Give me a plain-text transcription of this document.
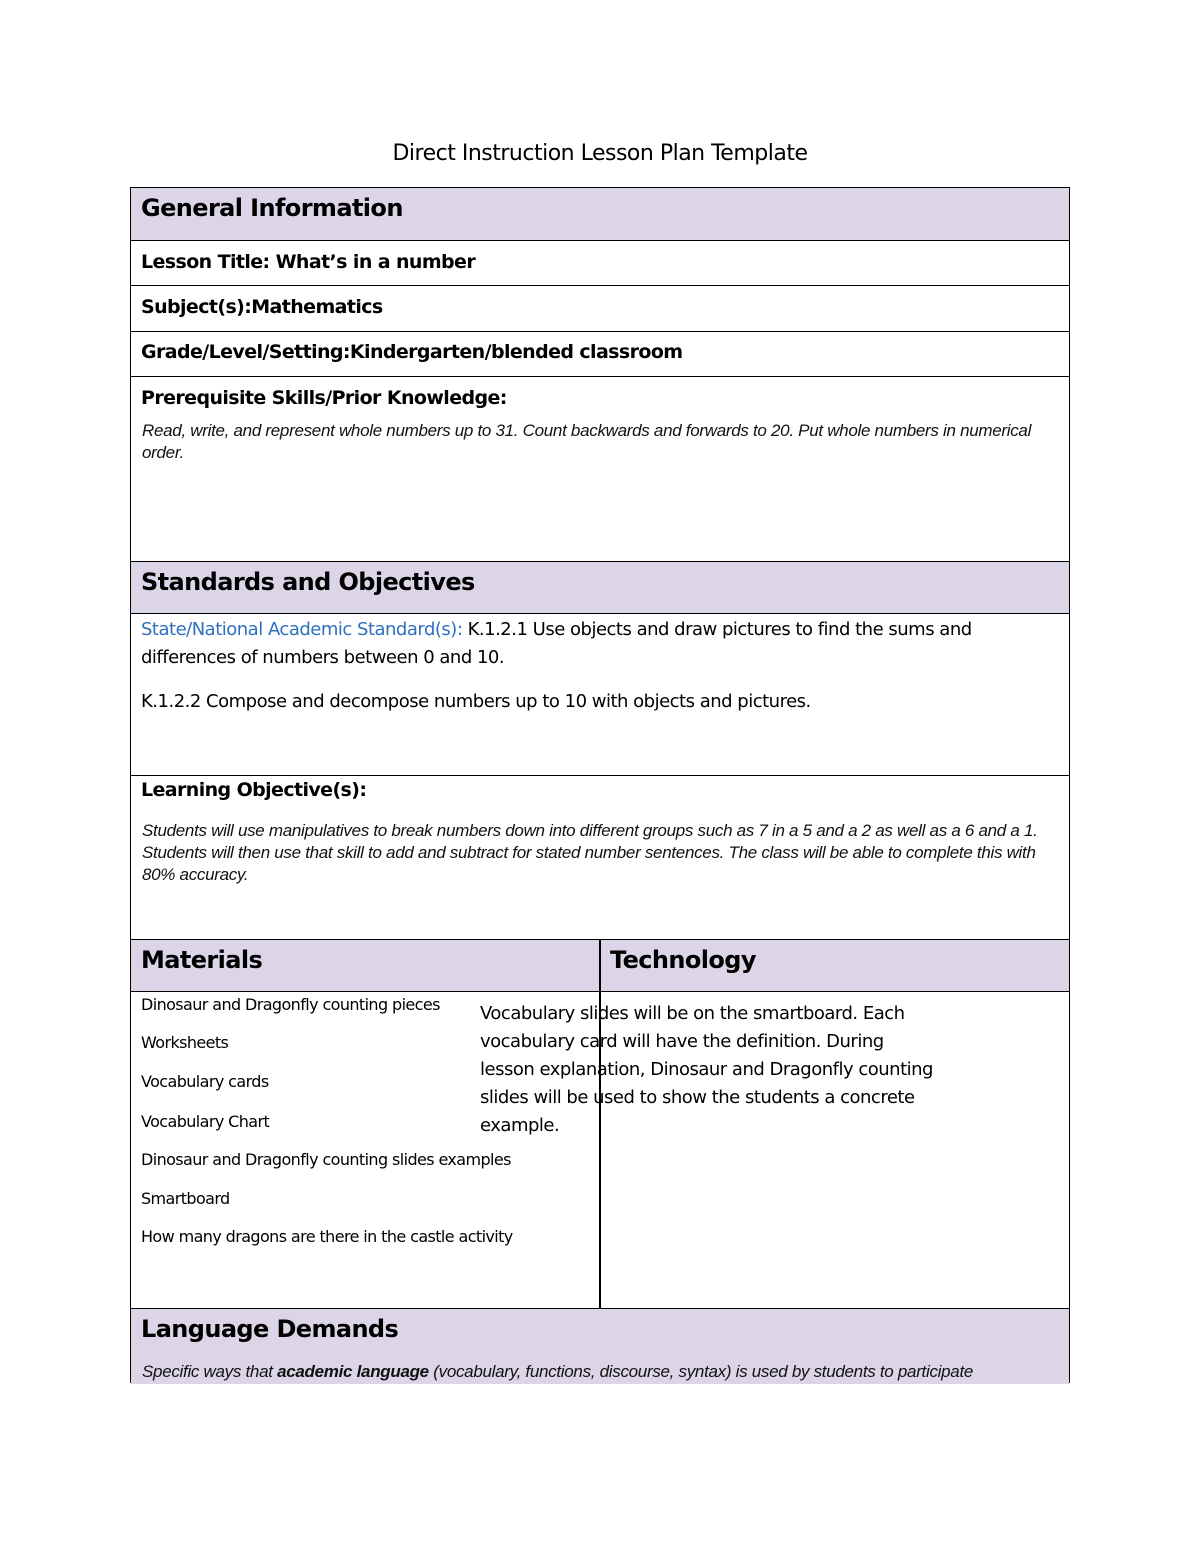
Direct Instruction Lesson Plan Template
General Information
Lesson Title: What’s in a number
Subject(s):Mathematics
Grade/Level/Setting:Kindergarten/blended classroom
Prerequisite Skills/Prior Knowledge:
Read, write, and represent whole numbers up to 31. Count backwards and forwards to 20. Put whole numbers in numerical order.
Standards and Objectives
State/National Academic Standard(s): K.1.2.1 Use objects and draw pictures to find the sums and differences of numbers between 0 and 10.
K.1.2.2 Compose and decompose numbers up to 10 with objects and pictures.
Learning Objective(s):
Students will use manipulatives to break numbers down into different groups such as 7 in a 5 and a 2 as well as a 6 and a 1. Students will then use that skill to add and subtract for stated number sentences. The class will be able to complete this with 80% accuracy.
Materials	Technology
Dinosaur and Dragonfly counting pieces
Worksheets
Vocabulary cards
Vocabulary Chart
Dinosaur and Dragonfly counting slides examples
Smartboard
How many dragons are there in the castle activity
Language Demands
Specific ways that academic language (vocabulary, functions, discourse, syntax) is used by students to participate
Vocabulary slides will be on the smartboard. Each vocabulary card will have the definition. During lesson explanation, Dinosaur and Dragonfly counting slides will be used to show the students a concrete example.
